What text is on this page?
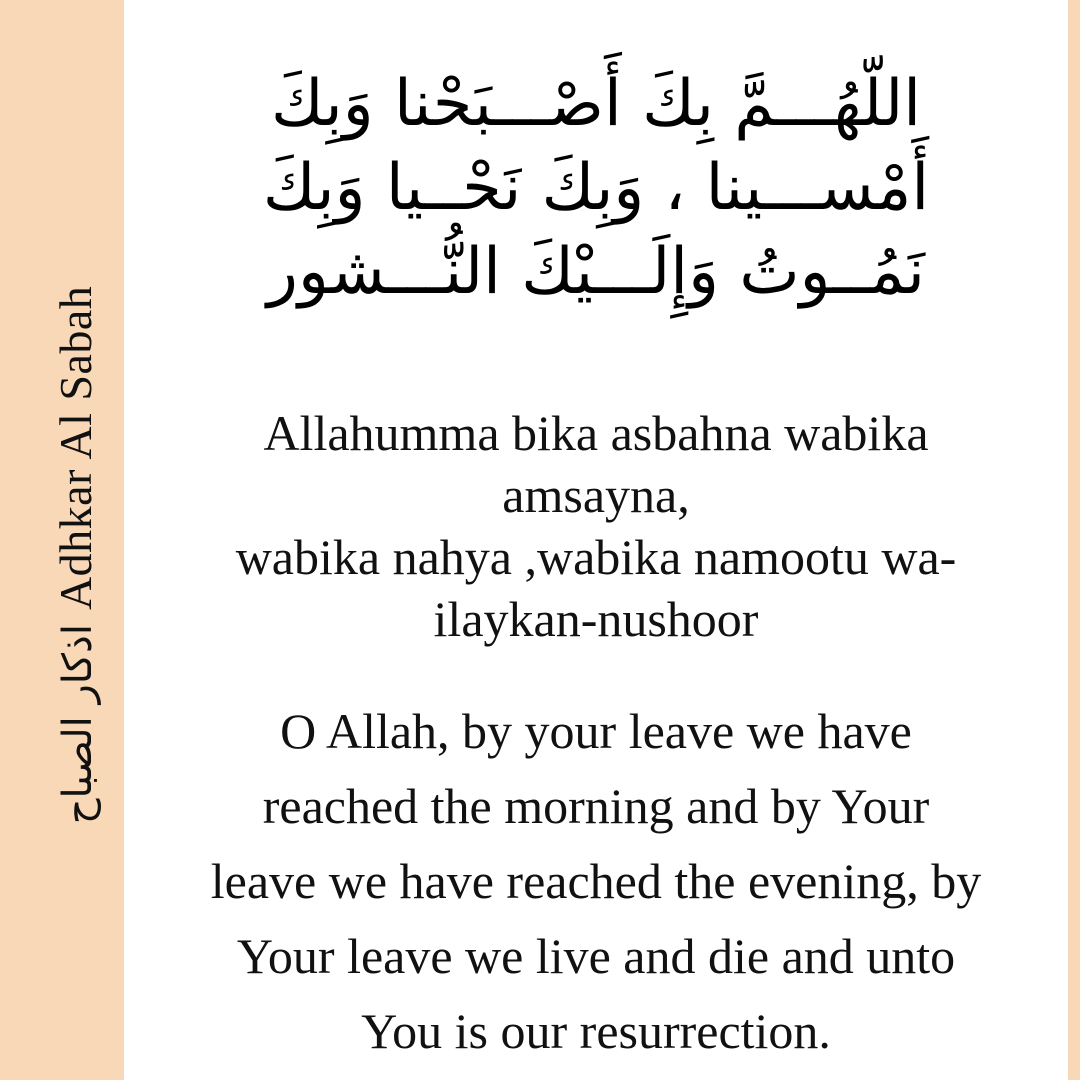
اذكار الصباحAdhkar Al Sabah
اللّهُـــمَّ بِكَ أَصْـــبَحْنا وَبِكَ
أَمْســـينا ، وَبِكَ نَحْــيا وَبِكَ
نَمُــوتُ وَإِلَـــيْكَ النُّـــشور
Allahumma bika asbahna wabika
amsayna,
wabika nahya ,wabika namootu wa-
ilaykan-nushoor
O Allah, by your leave we have
reached the morning and by Your
leave we have reached the evening, by
Your leave we live and die and unto
You is our resurrection.
